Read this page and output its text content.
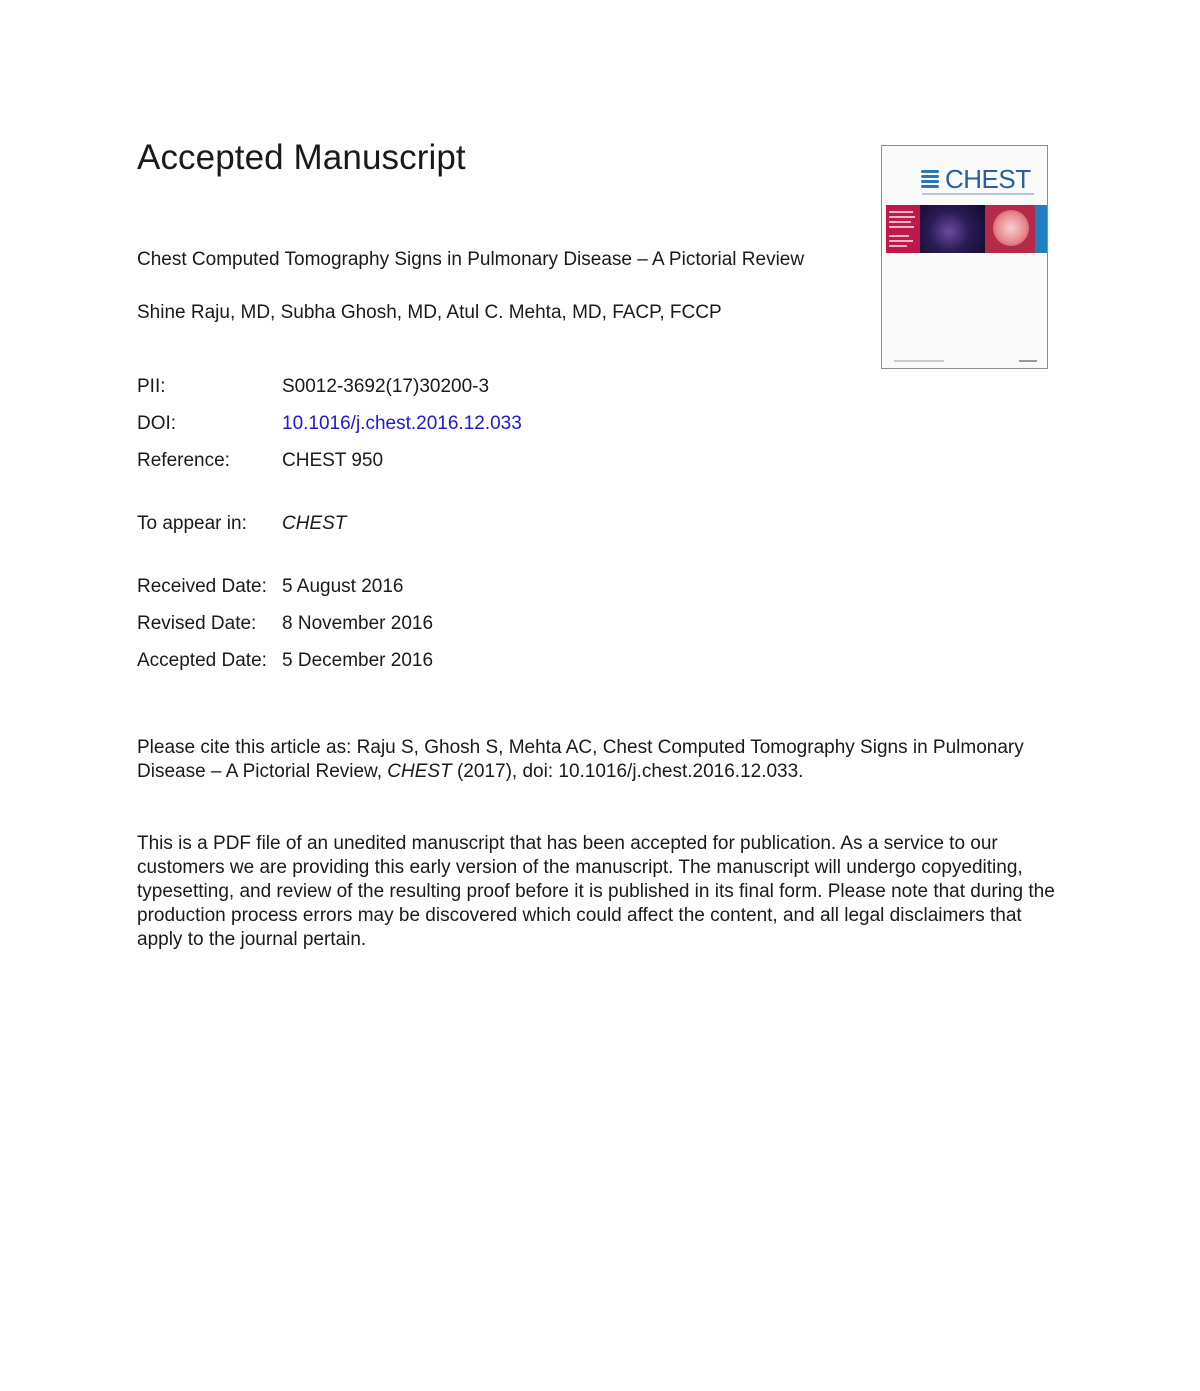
Accepted Manuscript
Chest Computed Tomography Signs in Pulmonary Disease – A Pictorial Review
Shine Raju, MD, Subha Ghosh, MD, Atul C. Mehta, MD, FACP, FCCP
CHEST
PII:	S0012-3692(17)30200-3
DOI:	10.1016/j.chest.2016.12.033
Reference:	CHEST 950
To appear in: CHEST
Received Date: 5 August 2016
Revised Date: 8 November 2016
Accepted Date: 5 December 2016
Please cite this article as: Raju S, Ghosh S, Mehta AC, Chest Computed Tomography Signs in Pulmonary Disease – A Pictorial Review, CHEST (2017), doi: 10.1016/j.chest.2016.12.033.
This is a PDF file of an unedited manuscript that has been accepted for publication. As a service to our customers we are providing this early version of the manuscript. The manuscript will undergo copyediting, typesetting, and review of the resulting proof before it is published in its final form. Please note that during the production process errors may be discovered which could affect the content, and all legal disclaimers that apply to the journal pertain.
